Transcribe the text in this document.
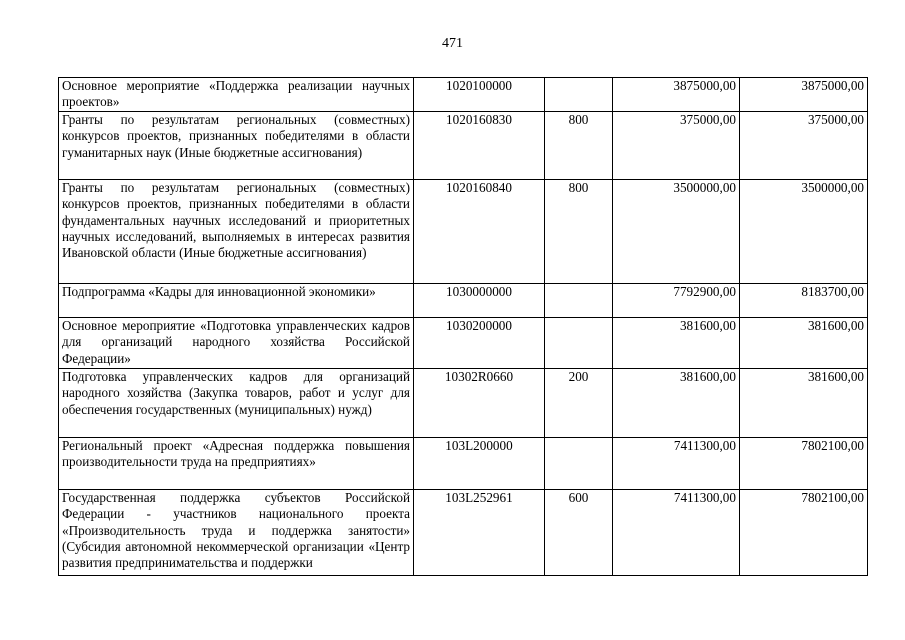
471
Основное мероприятие «Поддержка реализации научных проектов»	1020100000		3875000,00	3875000,00
Гранты по результатам региональных (совместных) конкурсов проектов, признанных победителями в области гуманитарных наук (Иные бюджетные ассигнования)	1020160830	800	375000,00	375000,00
Гранты по результатам региональных (совместных) конкурсов проектов, признанных победителями в области фундаментальных научных исследований и приоритетных научных исследований, выполняемых в интересах развития Ивановской области (Иные бюджетные ассигнования)	1020160840	800	3500000,00	3500000,00
Подпрограмма «Кадры для инновационной экономики»	1030000000		7792900,00	8183700,00
Основное мероприятие «Подготовка управленческих кадров для организаций народного хозяйства Российской Федерации»	1030200000		381600,00	381600,00
Подготовка управленческих кадров для организаций народного хозяйства (Закупка товаров, работ и услуг для обеспечения государственных (муниципальных) нужд)	10302R0660	200	381600,00	381600,00
Региональный проект «Адресная поддержка повышения производительности труда на предприятиях»	103L200000		7411300,00	7802100,00
Государственная поддержка субъектов Российской Федерации - участников национального проекта «Производительность труда и поддержка занятости» (Субсидия автономной некоммерческой организации «Центр развития предпринимательства и поддержки	103L252961	600	7411300,00	7802100,00
